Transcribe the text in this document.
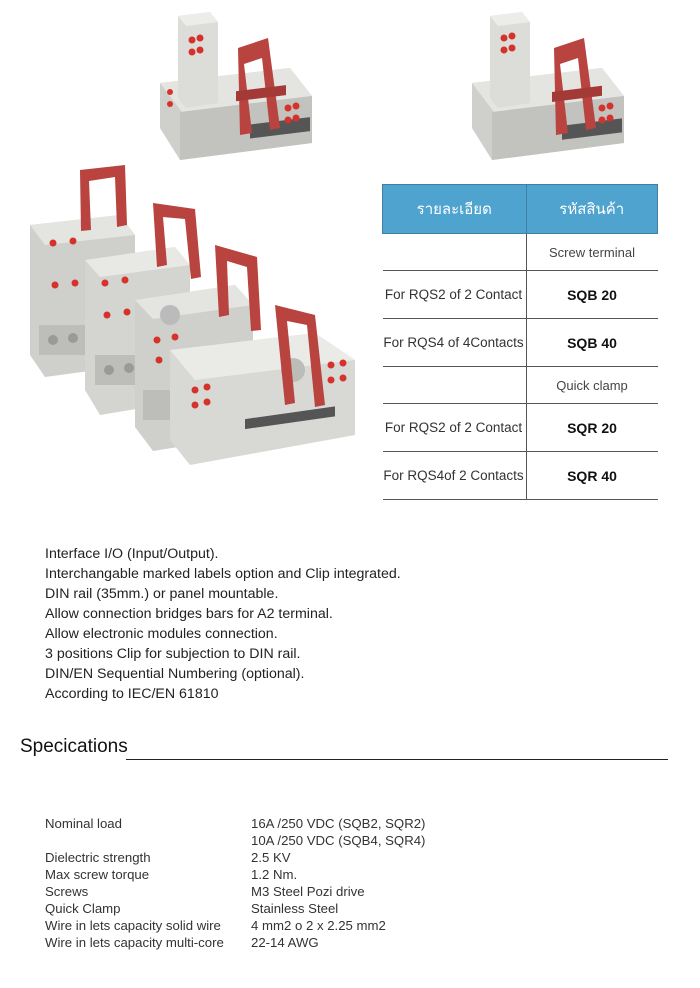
รายละเอียด	รหัสสินค้า
	Screw terminal
For RQS2 of 2 Contact	SQB 20
For RQS4 of 4Contacts	SQB 40
	Quick clamp
For RQS2 of 2 Contact	SQR 20
For RQS4of 2 Contacts	SQR 40
Interface I/O (Input/Output).
Interchangable marked labels option and Clip integrated.
DIN rail (35mm.) or panel mountable.
Allow connection bridges bars for A2 terminal.
Allow electronic modules connection.
3 positions Clip for subjection to DIN rail.
DIN/EN Sequential Numbering (optional).
According to IEC/EN 61810
Specications
Nominal load	16A /250 VDC (SQB2, SQR2)
10A /250 VDC (SQB4, SQR4)
Dielectric strength	2.5 KV
Max screw torque	1.2 Nm.
Screws	M3 Steel Pozi drive
Quick Clamp	Stainless Steel
Wire in lets capacity solid wire	4 mm2 o 2 x 2.25 mm2
Wire in lets capacity multi-core	22-14 AWG
